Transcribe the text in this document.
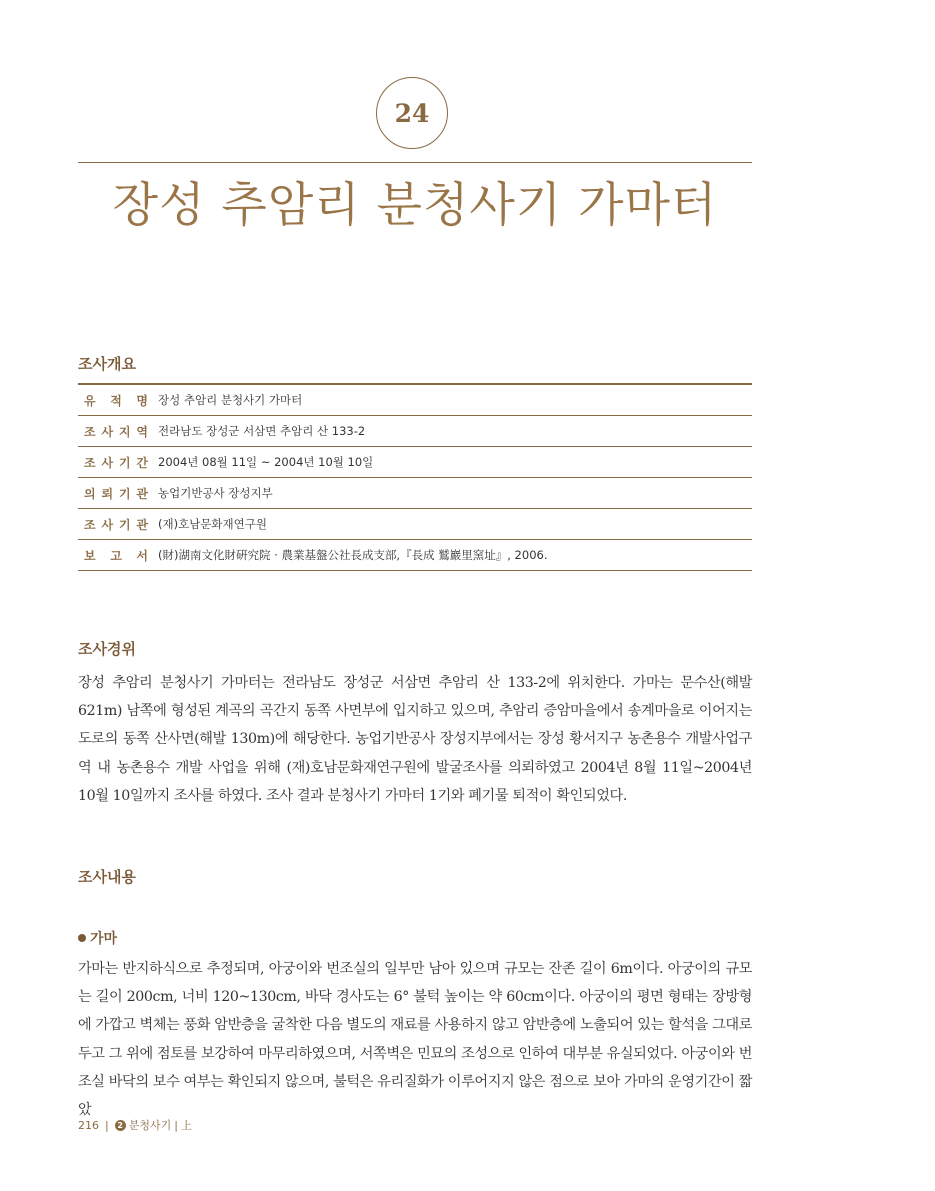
24
장성 추암리 분청사기 가마터
조사개요
유 적 명 장성 추암리 분청사기 가마터
조 사 지 역 전라남도 장성군 서삼면 추암리 산 133-2
조 사 기 간 2004년 08월 11일 ~ 2004년 10월 10일
의 뢰 기 관 농업기반공사 장성지부
조 사 기 관 (재)호남문화재연구원
보 고 서 (財)湖南文化財硏究院 · 農業基盤公社長成支部,『長成 鷲巖里窯址』, 2006.
조사경위

장성 추암리 분청사기 가마터는 전라남도 장성군 서삼면 추암리 산 133-2에 위치한다. 가마는 문수산(해발 621m) 남쪽에 형성된 계곡의 곡간지 동쪽 사면부에 입지하고 있으며, 추암리 증암마을에서 송계마을로 이어지는 도로의 동쪽 산사면(해발 130m)에 해당한다. 농업기반공사 장성지부에서는 장성 황서지구 농촌용수 개발사업구역 내 농촌용수 개발 사업을 위해 (재)호남문화재연구원에 발굴조사를 의뢰하였고 2004년 8월 11일~2004년 10월 10일까지 조사를 하였다. 조사 결과 분청사기 가마터 1기와 폐기물 퇴적이 확인되었다.

조사내용
가마

가마는 반지하식으로 추정되며, 아궁이와 번조실의 일부만 남아 있으며 규모는 잔존 길이 6m이다. 아궁이의 규모는 길이 200cm, 너비 120~130cm, 바닥 경사도는 6° 불턱 높이는 약 60cm이다. 아궁이의 평면 형태는 장방형에 가깝고 벽체는 풍화 암반층을 굴착한 다음 별도의 재료를 사용하지 않고 암반층에 노출되어 있는 할석을 그대로 두고 그 위에 점토를 보강하여 마무리하였으며, 서쪽벽은 민묘의 조성으로 인하여 대부분 유실되었다. 아궁이와 번조실 바닥의 보수 여부는 확인되지 않으며, 불턱은 유리질화가 이루어지지 않은 점으로 보아 가마의 운영기간이 짧았

216 |	2 분청사기 | 上
